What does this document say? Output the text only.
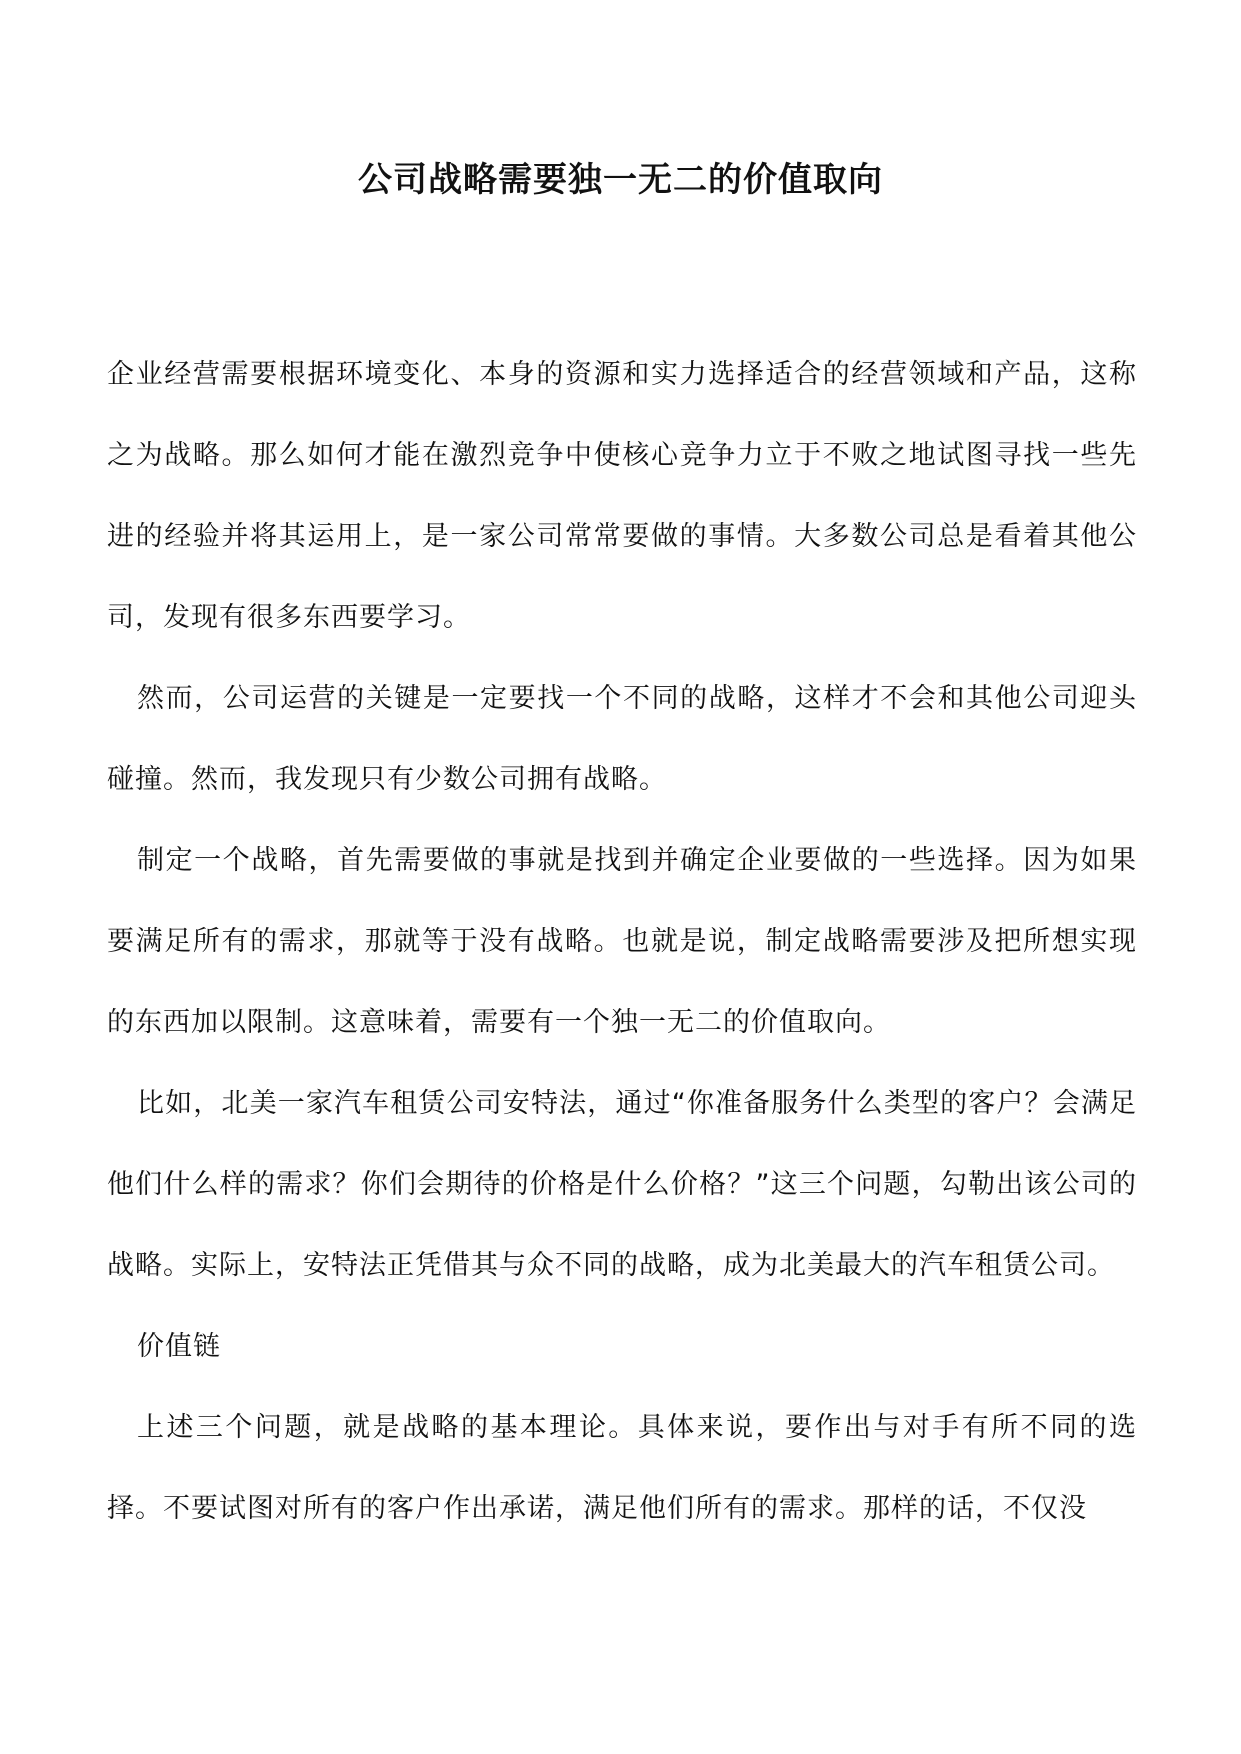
公司战略需要独一无二的价值取向

企业经营需要根据环境变化、本身的资源和实力选择适合的经营领域和产品，这称之为战略。那么如何才能在激烈竞争中使核心竞争力立于不败之地试图寻找一些先进的经验并将其运用上，是一家公司常常要做的事情。大多数公司总是看着其他公司，发现有很多东西要学习。

然而，公司运营的关键是一定要找一个不同的战略，这样才不会和其他公司迎头碰撞。然而，我发现只有少数公司拥有战略。

制定一个战略，首先需要做的事就是找到并确定企业要做的一些选择。因为如果要满足所有的需求，那就等于没有战略。也就是说，制定战略需要涉及把所想实现的东西加以限制。这意味着，需要有一个独一无二的价值取向。

比如，北美一家汽车租赁公司安特法，通过“你准备服务什么类型的客户？会满足他们什么样的需求？你们会期待的价格是什么价格？”这三个问题，勾勒出该公司的战略。实际上，安特法正凭借其与众不同的战略，成为北美最大的汽车租赁公司。

价值链

上述三个问题，就是战略的基本理论。具体来说，要作出与对手有所不同的选择。不要试图对所有的客户作出承诺，满足他们所有的需求。那样的话，不仅没
